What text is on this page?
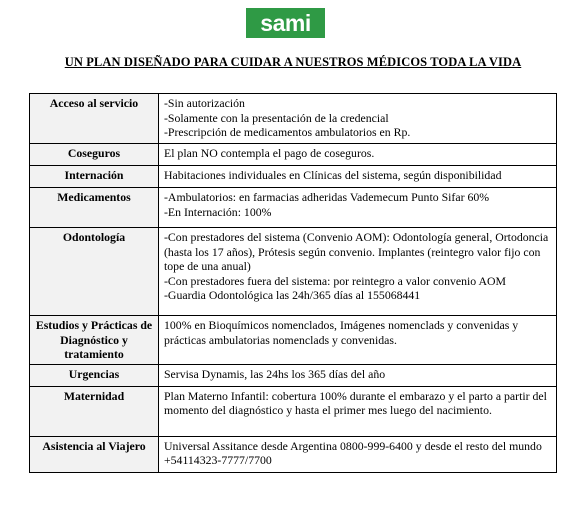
sami
UN PLAN DISEÑADO PARA CUIDAR A NUESTROS MÉDICOS TODA LA VIDA
Acceso al servicio	-Sin autorización
-Solamente con la presentación de la credencial
-Prescripción de medicamentos ambulatorios en Rp.

Coseguros	El plan NO contempla el pago de coseguros.

Internación	Habitaciones individuales en Clínicas del sistema, según disponibilidad

Medicamentos	-Ambulatorios: en farmacias adheridas Vademecum Punto Sifar 60%
-En Internación: 100%

Odontología	-Con prestadores del sistema (Convenio AOM): Odontología general, Ortodoncia (hasta los 17 años), Prótesis según convenio. Implantes (reintegro valor fijo con tope de una anual)
-Con prestadores fuera del sistema: por reintegro a valor convenio AOM
-Guardia Odontológica las 24h/365 días al 155068441

Estudios y Prácticas de Diagnóstico y tratamiento	100% en Bioquímicos nomenclados, Imágenes nomenclads y convenidas y prácticas ambulatorias nomenclads y convenidas.

Urgencias	Servisa Dynamis, las 24hs los 365 días del año

Maternidad	Plan Materno Infantil: cobertura 100% durante el embarazo y el parto a partir del momento del diagnóstico y hasta el primer mes luego del nacimiento.

Asistencia al Viajero	Universal Assitance desde Argentina 0800-999-6400 y desde el resto del mundo +54114323-7777/7700
